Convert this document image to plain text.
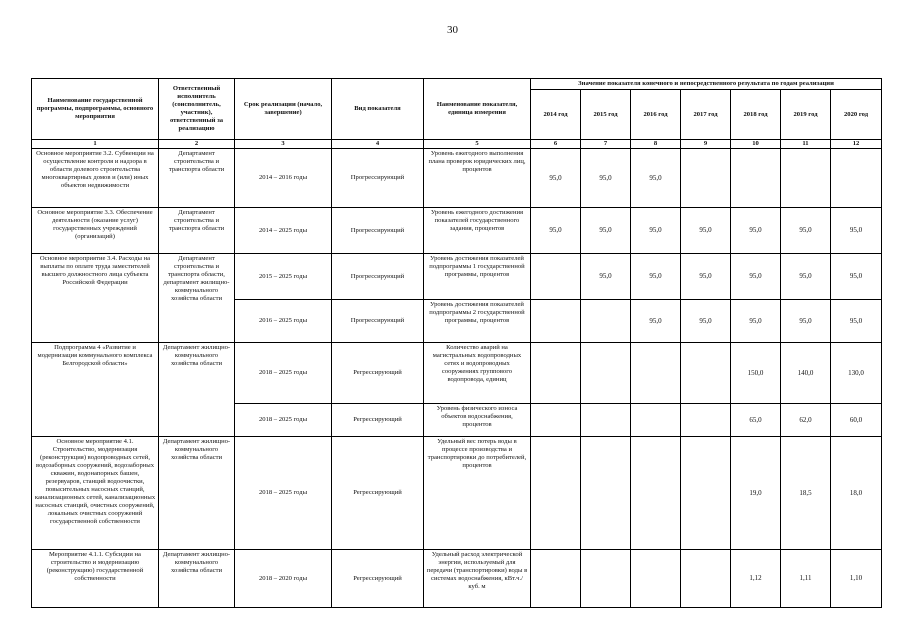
30
Наименование государственной программы, подпрограммы, основного мероприятия	Ответственный исполнитель (соисполнитель, участник), ответственный за реализацию	Срок реализации (начало, завершение)	Вид показателя	Наименование показателя, единица измерения	Значение показателя конечного и непосредственного результата по годам реализации						
					2014 год	2015 год	2016 год	2017 год	2018 год	2019 год	2020 год
1	2	3	4	5	6	7	8	9	10	11	12
Основное мероприятие 3.2. Субвенции на осуществление контроля и надзора в области долевого строительства многоквартирных домов и (или) иных объектов недвижимости	Департамент строительства и транспорта области	2014 – 2016 годы	Прогрессирующий	Уровень ежегодного выполнения плана проверок юридических лиц, процентов	95,0	95,0	95,0				
Основное мероприятие 3.3. Обеспечение деятельности (оказание услуг) государственных учреждений (организаций)	Департамент строительства и транспорта области	2014 – 2025 годы	Прогрессирующий	Уровень ежегодного достижения показателей государственного задания, процентов	95,0	95,0	95,0	95,0	95,0	95,0	95,0
Основное мероприятие 3.4. Расходы на выплаты по оплате труда заместителей высшего должностного лица субъекта Российской Федерации	Департамент строительства и транспорта области, департамент жилищно-коммунального хозяйства области	2015 – 2025 годы	Прогрессирующий	Уровень достижения показателей подпрограммы 1 государственной программы, процентов		95,0	95,0	95,0	95,0	95,0	95,0
		2016 – 2025 годы	Прогрессирующий	Уровень достижения показателей подпрограммы 2 государственной программы, процентов			95,0	95,0	95,0	95,0	95,0
Подпрограмма 4 «Развитие и модернизация коммунального комплекса Белгородской области»	Департамент жилищно-коммунального хозяйства области	2018 – 2025 годы	Регрессирующий	Количество аварий на магистральных водопроводных сетях и водопроводных сооружениях группового водопровода, единиц					150,0	140,0	130,0
		2018 – 2025 годы	Регрессирующий	Уровень физического износа объектов водоснабжения, процентов					65,0	62,0	60,0
Основное мероприятие 4.1. Строительство, модернизация (реконструкция) водопроводных сетей, водозаборных сооружений, водозаборных скважин, водонапорных башен, резервуаров, станций водоочистки, повысительных насосных станций, канализационных сетей, канализационных насосных станций, очистных сооружений, локальных очистных сооружений государственной собственности	Департамент жилищно-коммунального хозяйства области	2018 – 2025 годы	Регрессирующий	Удельный вес потерь воды в процессе производства и транспортировки до потребителей, процентов					19,0	18,5	18,0
Мероприятие 4.1.1. Субсидии на строительство и модернизацию (реконструкцию) государственной собственности	Департамент жилищно-коммунального хозяйства области	2018 – 2020 годы	Регрессирующий	Удельный расход электрической энергии, используемый для передачи (транспортировки) воды в системах водоснабжения, кВт.ч./куб. м					1,12	1,11	1,10
